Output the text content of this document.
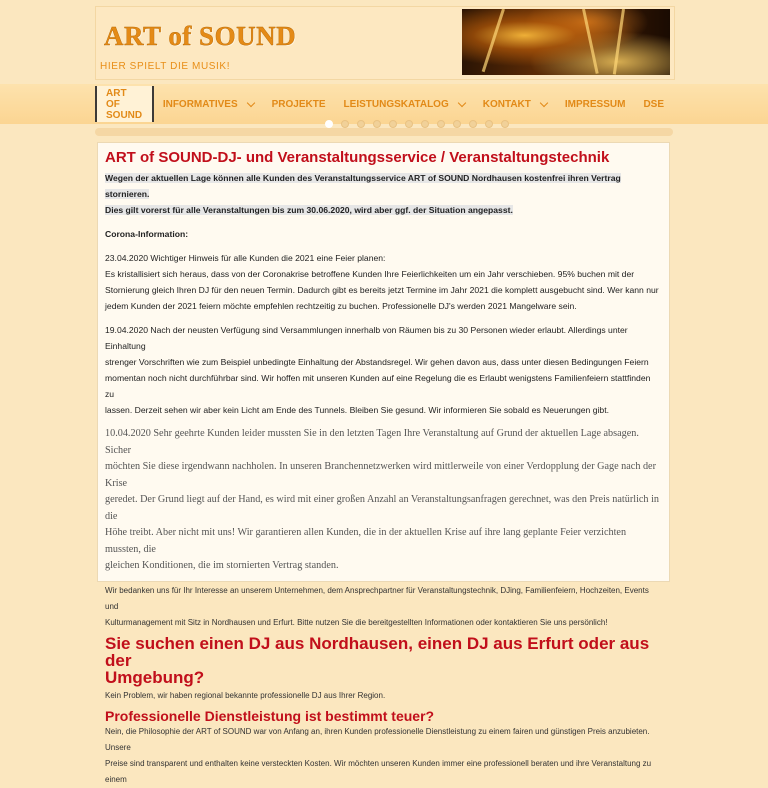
ART of SOUND

HIER SPIELT DIE MUSIK!

ART OF SOUND
INFORMATIVES	PROJEKTE LEISTUNGSKATALOG	KONTAKT	IMPRESSUM DSE
ART of SOUND-DJ- und Veranstaltungsservice / Veranstaltungstechnik

Wegen der aktuellen Lage können alle Kunden des Veranstaltungsservice ART of SOUND Nordhausen kostenfrei ihren Vertrag stornieren.

Dies gilt vorerst für alle Veranstaltungen bis zum 30.06.2020, wird aber ggf. der Situation angepasst.

Corona-Information:

23.04.2020 Wichtiger Hinweis für alle Kunden die 2021 eine Feier planen:

Es kristallisiert sich heraus, dass von der Coronakrise betroffene Kunden Ihre Feierlichkeiten um ein Jahr verschieben. 95% buchen mit der

Stornierung gleich Ihren DJ für den neuen Termin. Dadurch gibt es bereits jetzt Termine im Jahr 2021 die komplett ausgebucht sind. Wer kann nur

jedem Kunden der 2021 feiern möchte empfehlen rechtzeitig zu buchen. Professionelle DJ's werden 2021 Mangelware sein.

19.04.2020 Nach der neusten Verfügung sind Versammlungen innerhalb von Räumen bis zu 30 Personen wieder erlaubt. Allerdings unter Einhaltung

strenger Vorschriften wie zum Beispiel unbedingte Einhaltung der Abstandsregel. Wir gehen davon aus, dass unter diesen Bedingungen Feiern

momentan noch nicht durchführbar sind. Wir hoffen mit unseren Kunden auf eine Regelung die es Erlaubt wenigstens Familienfeiern stattfinden zu

lassen. Derzeit sehen wir aber kein Licht am Ende des Tunnels. Bleiben Sie gesund. Wir informieren Sie sobald es Neuerungen gibt.

10.04.2020 Sehr geehrte Kunden leider mussten Sie in den letzten Tagen Ihre Veranstaltung auf Grund der aktuellen Lage absagen. Sicher

möchten Sie diese irgendwann nachholen. In unseren Branchennetzwerken wird mittlerweile von einer Verdopplung der Gage nach der Krise

geredet. Der Grund liegt auf der Hand, es wird mit einer großen Anzahl an Veranstaltungsanfragen gerechnet, was den Preis natürlich in die

Höhe treibt. Aber nicht mit uns! Wir garantieren allen Kunden, die in der aktuellen Krise auf ihre lang geplante Feier verzichten mussten, die

gleichen Konditionen, die im stornierten Vertrag standen.

Wir bedanken uns für Ihr Interesse an unserem Unternehmen, dem Ansprechpartner für Veranstaltungstechnik, DJing, Familienfeiern, Hochzeiten, Events und

Kulturmanagement mit Sitz in Nordhausen und Erfurt. Bitte nutzen Sie die bereitgestellten Informationen oder kontaktieren Sie uns persönlich!

Sie suchen einen DJ aus Nordhausen, einen DJ aus Erfurt oder aus der
Umgebung?

Kein Problem, wir haben regional bekannte professionelle DJ aus Ihrer Region.

Professionelle Dienstleistung ist bestimmt teuer?

Nein, die Philosophie der ART of SOUND war von Anfang an, ihren Kunden professionelle Dienstleistung zu einem fairen und günstigen Preis anzubieten. Unsere

Preise sind transparent und enthalten keine versteckten Kosten. Wir möchten unseren Kunden immer eine professionell beraten und ihre Veranstaltung zu einem
